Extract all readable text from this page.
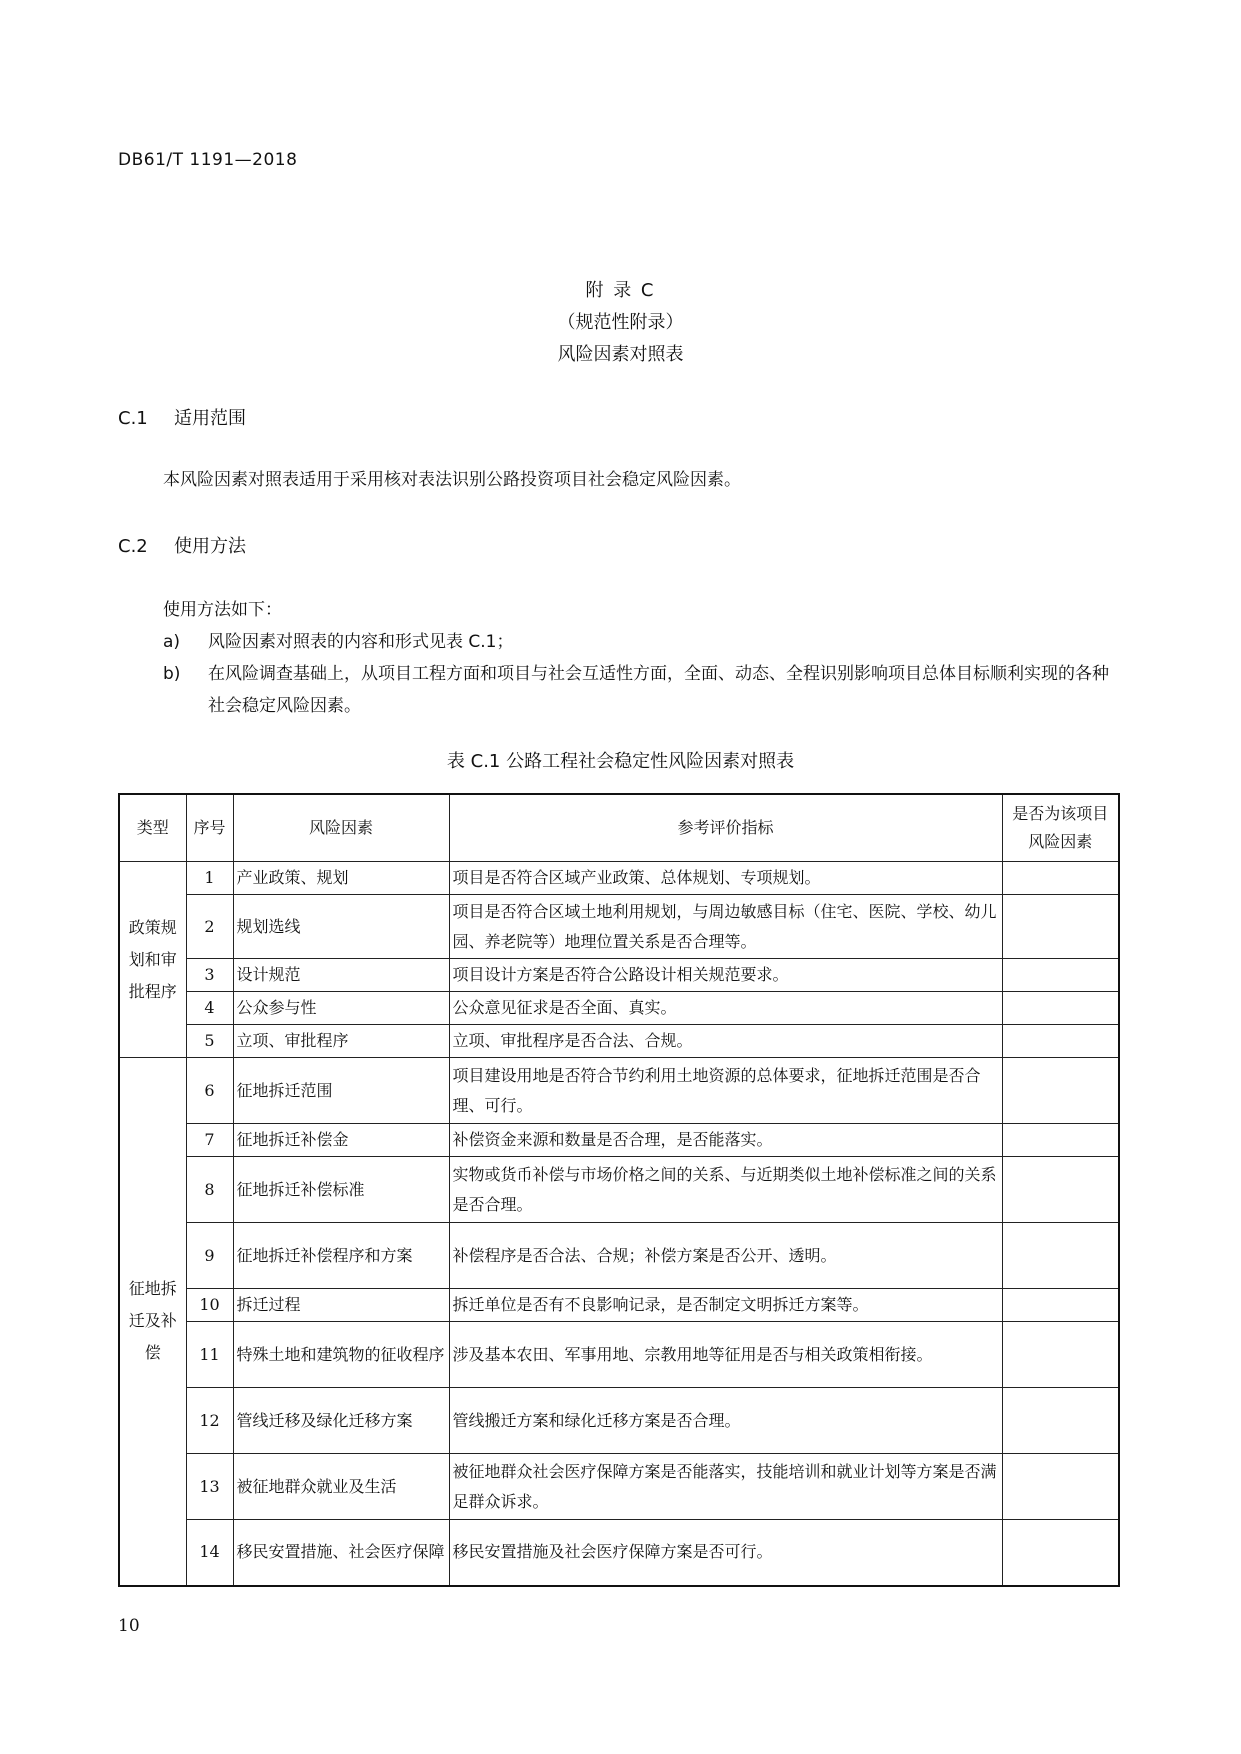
DB61/T 1191—2018
附 录 C
（规范性附录）
风险因素对照表
C.1 适用范围
本风险因素对照表适用于采用核对表法识别公路投资项目社会稳定风险因素。
C.2 使用方法
使用方法如下：
a)	风险因素对照表的内容和形式见表 C.1；
b)	在风险调查基础上，从项目工程方面和项目与社会互适性方面，全面、动态、全程识别影响项目总体目标顺利实现的各种社会稳定风险因素。
表 C.1 公路工程社会稳定性风险因素对照表
类型	序号	风险因素	参考评价指标	是否为该项目风险因素
政策规划和审批程序	1	产业政策、规划	项目是否符合区域产业政策、总体规划、专项规划。	
	2	规划选线	项目是否符合区域土地利用规划，与周边敏感目标（住宅、医院、学校、幼儿园、养老院等）地理位置关系是否合理等。	
	3	设计规范	项目设计方案是否符合公路设计相关规范要求。	
	4	公众参与性	公众意见征求是否全面、真实。	
	5	立项、审批程序	立项、审批程序是否合法、合规。	
征地拆迁及补偿	6	征地拆迁范围	项目建设用地是否符合节约利用土地资源的总体要求，征地拆迁范围是否合理、可行。	
	7	征地拆迁补偿金	补偿资金来源和数量是否合理，是否能落实。	
	8	征地拆迁补偿标准	实物或货币补偿与市场价格之间的关系、与近期类似土地补偿标准之间的关系是否合理。	
	9	征地拆迁补偿程序和方案	补偿程序是否合法、合规；补偿方案是否公开、透明。	
	10	拆迁过程	拆迁单位是否有不良影响记录，是否制定文明拆迁方案等。	
	11	特殊土地和建筑物的征收程序	涉及基本农田、军事用地、宗教用地等征用是否与相关政策相衔接。	
	12	管线迁移及绿化迁移方案	管线搬迁方案和绿化迁移方案是否合理。	
	13	被征地群众就业及生活	被征地群众社会医疗保障方案是否能落实，技能培训和就业计划等方案是否满足群众诉求。	
	14	移民安置措施、社会医疗保障	移民安置措施及社会医疗保障方案是否可行。	
10
